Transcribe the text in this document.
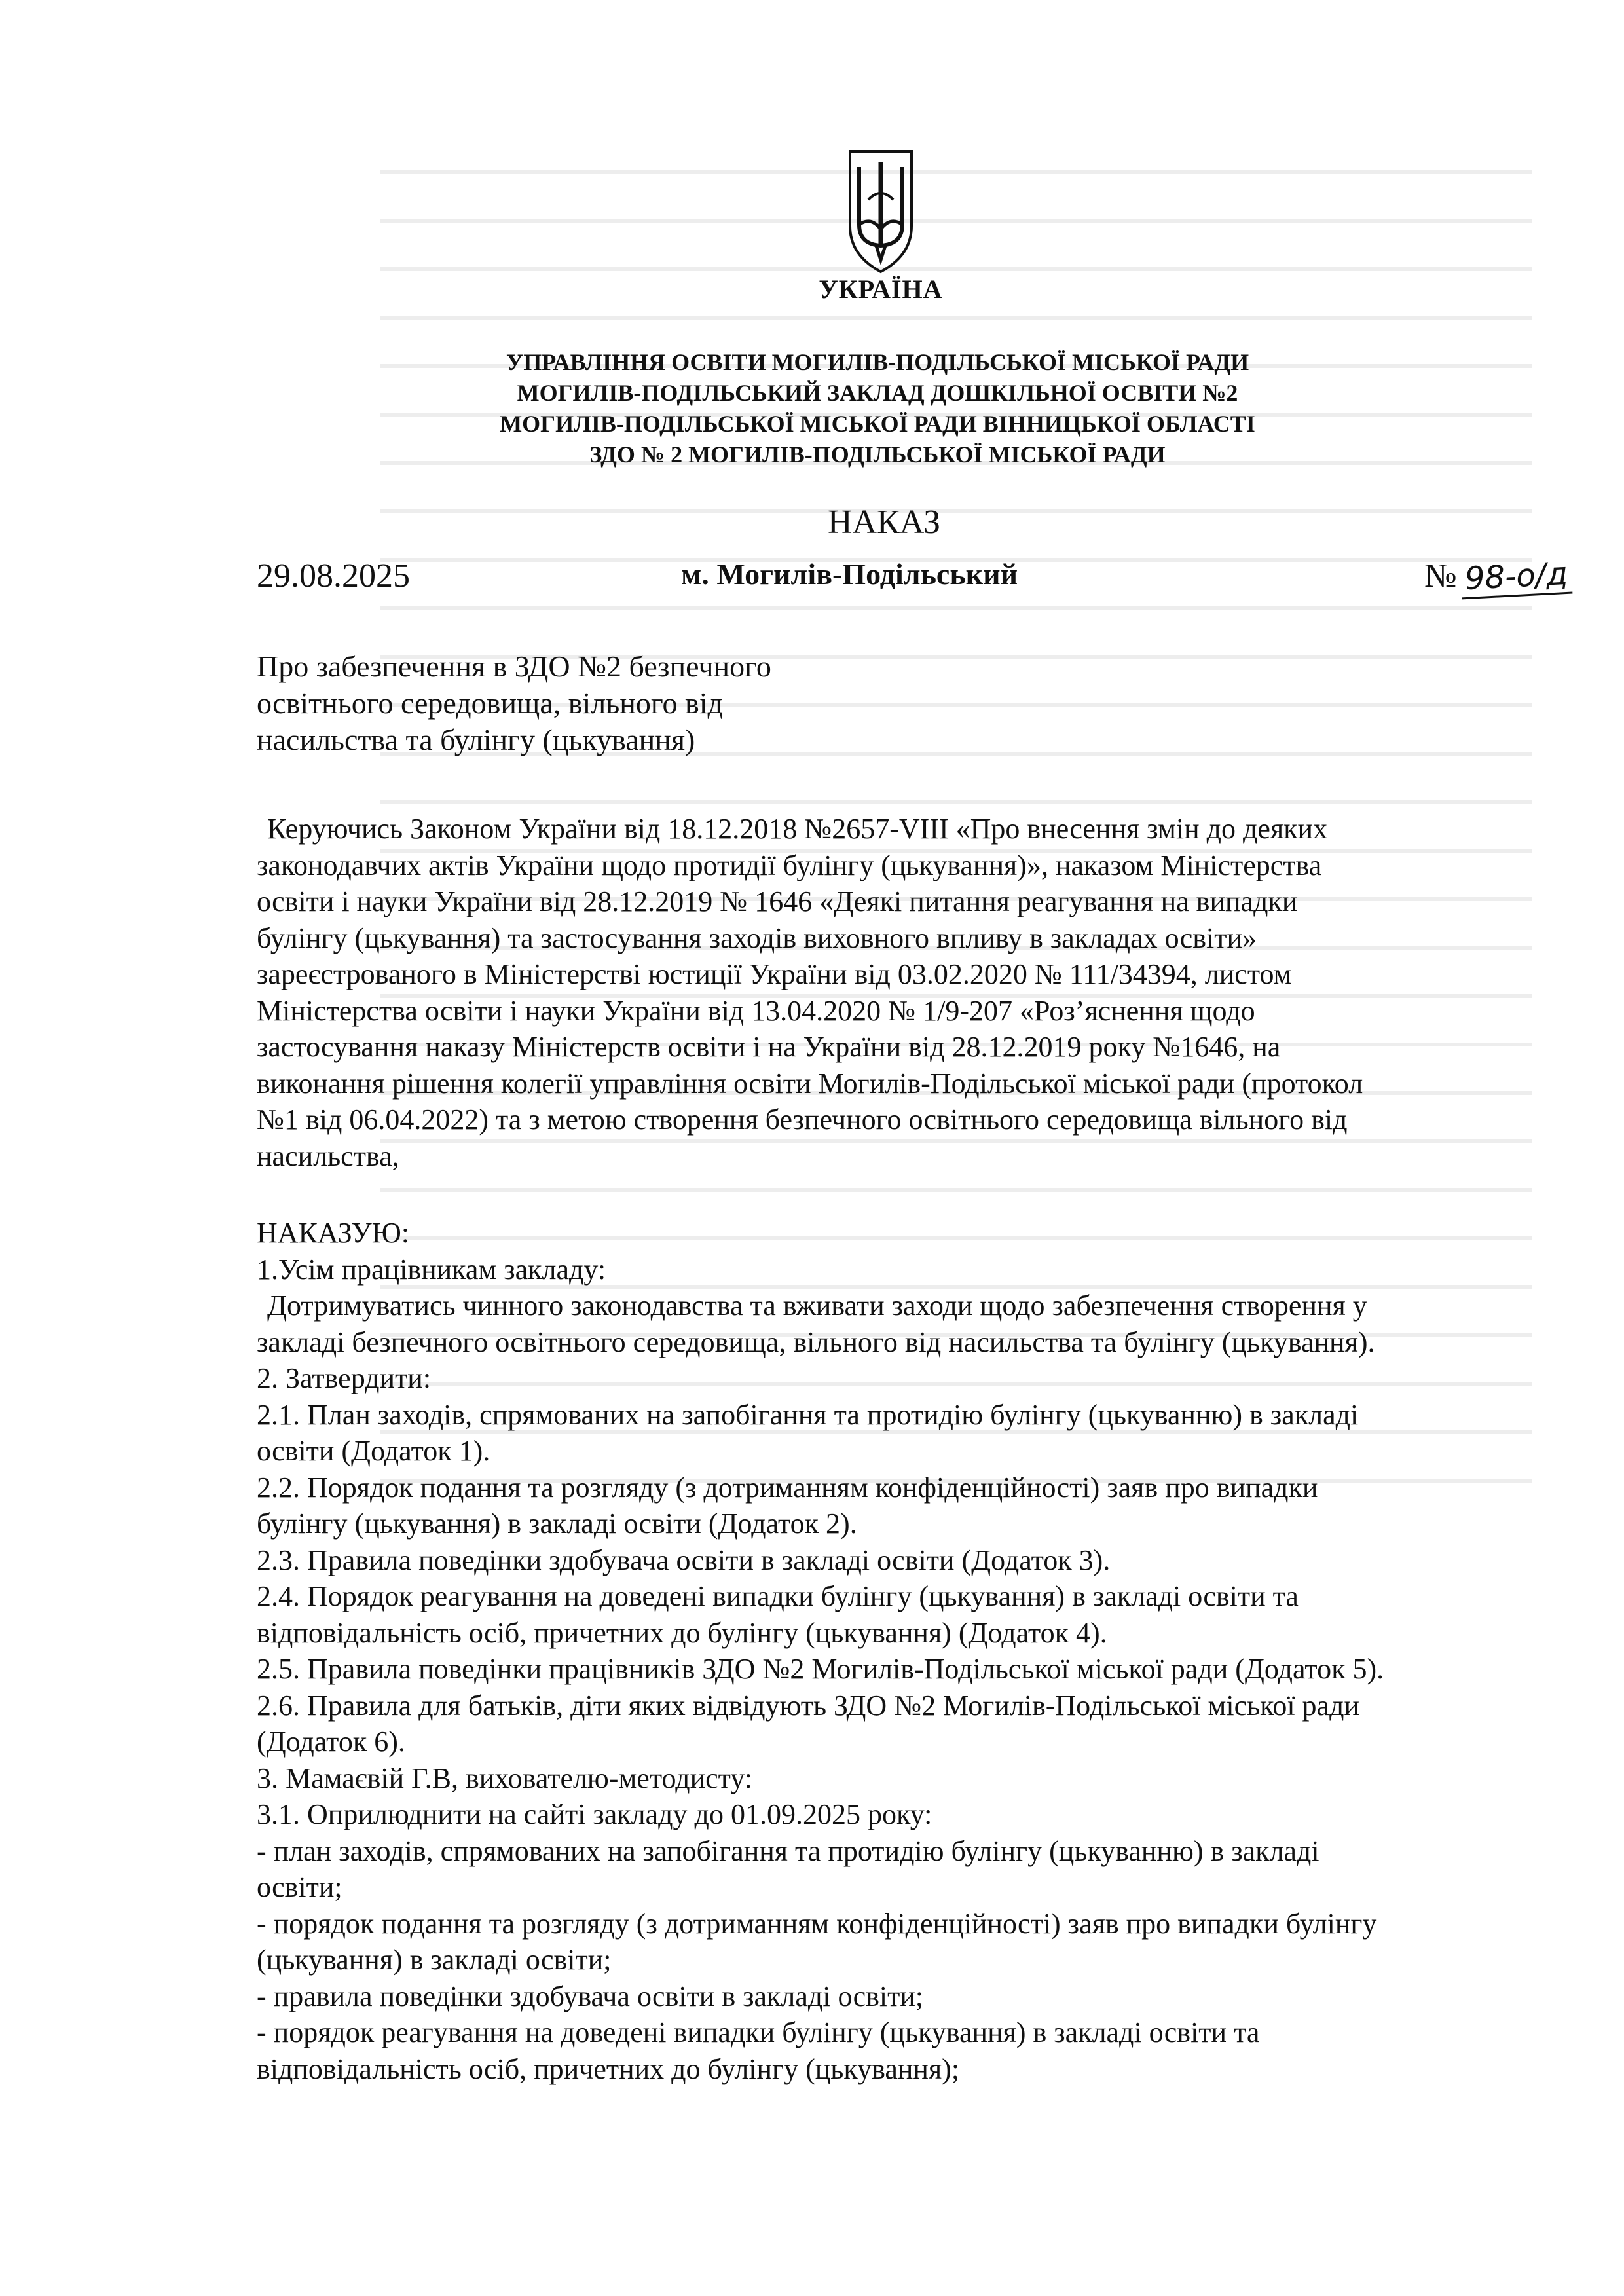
УКРАЇНА
УПРАВЛІННЯ ОСВІТИ МОГИЛІВ-ПОДІЛЬСЬКОЇ МІСЬКОЇ РАДИ
МОГИЛІВ-ПОДІЛЬСЬКИЙ ЗАКЛАД ДОШКІЛЬНОЇ ОСВІТИ №2
МОГИЛІВ-ПОДІЛЬСЬКОЇ МІСЬКОЇ РАДИ ВІННИЦЬКОЇ ОБЛАСТІ
ЗДО № 2 МОГИЛІВ-ПОДІЛЬСЬКОЇ МІСЬКОЇ РАДИ
НАКАЗ
29.08.2025	м. Могилів-Подільський	№ 98-о/д
Про забезпечення в ЗДО №2 безпечного
освітнього середовища, вільного від
насильства та булінгу (цькування)

Керуючись Законом України від 18.12.2018 №2657-VIII «Про внесення змін до деяких

законодавчих актів України щодо протидії булінгу (цькування)», наказом Міністерства

освіти і науки України від 28.12.2019 № 1646 «Деякі питання реагування на випадки

булінгу (цькування) та застосування заходів виховного впливу в закладах освіти»

зареєстрованого в Міністерстві юстиції України від 03.02.2020 № 111/34394, листом

Міністерства освіти і науки України від 13.04.2020 № 1/9-207 «Роз’яснення щодо

застосування наказу Міністерств освіти і на України від 28.12.2019 року №1646, на

виконання рішення колегії управління освіти Могилів-Подільської міської ради (протокол

№1 від 06.04.2022) та з метою створення безпечного освітнього середовища вільного від

насильства,

НАКАЗУЮ:

1.Усім працівникам закладу:

Дотримуватись чинного законодавства та вживати заходи щодо забезпечення створення у

закладі безпечного освітнього середовища, вільного від насильства та булінгу (цькування).

2. Затвердити:

2.1. План заходів, спрямованих на запобігання та протидію булінгу (цькуванню) в закладі

освіти (Додаток 1).

2.2. Порядок подання та розгляду (з дотриманням конфіденційності) заяв про випадки

булінгу (цькування) в закладі освіти (Додаток 2).

2.3. Правила поведінки здобувача освіти в закладі освіти (Додаток 3).

2.4. Порядок реагування на доведені випадки булінгу (цькування) в закладі освіти та

відповідальність осіб, причетних до булінгу (цькування) (Додаток 4).

2.5. Правила поведінки працівників ЗДО №2 Могилів-Подільської міської ради (Додаток 5).

2.6. Правила для батьків, діти яких відвідують ЗДО №2 Могилів-Подільської міської ради

(Додаток 6).

3. Мамаєвій Г.В, вихователю-методисту:

3.1. Оприлюднити на сайті закладу до 01.09.2025 року:

- план заходів, спрямованих на запобігання та протидію булінгу (цькуванню) в закладі

освіти;

- порядок подання та розгляду (з дотриманням конфіденційності) заяв про випадки булінгу

(цькування) в закладі освіти;

- правила поведінки здобувача освіти в закладі освіти;

- порядок реагування на доведені випадки булінгу (цькування) в закладі освіти та

відповідальність осіб, причетних до булінгу (цькування);
